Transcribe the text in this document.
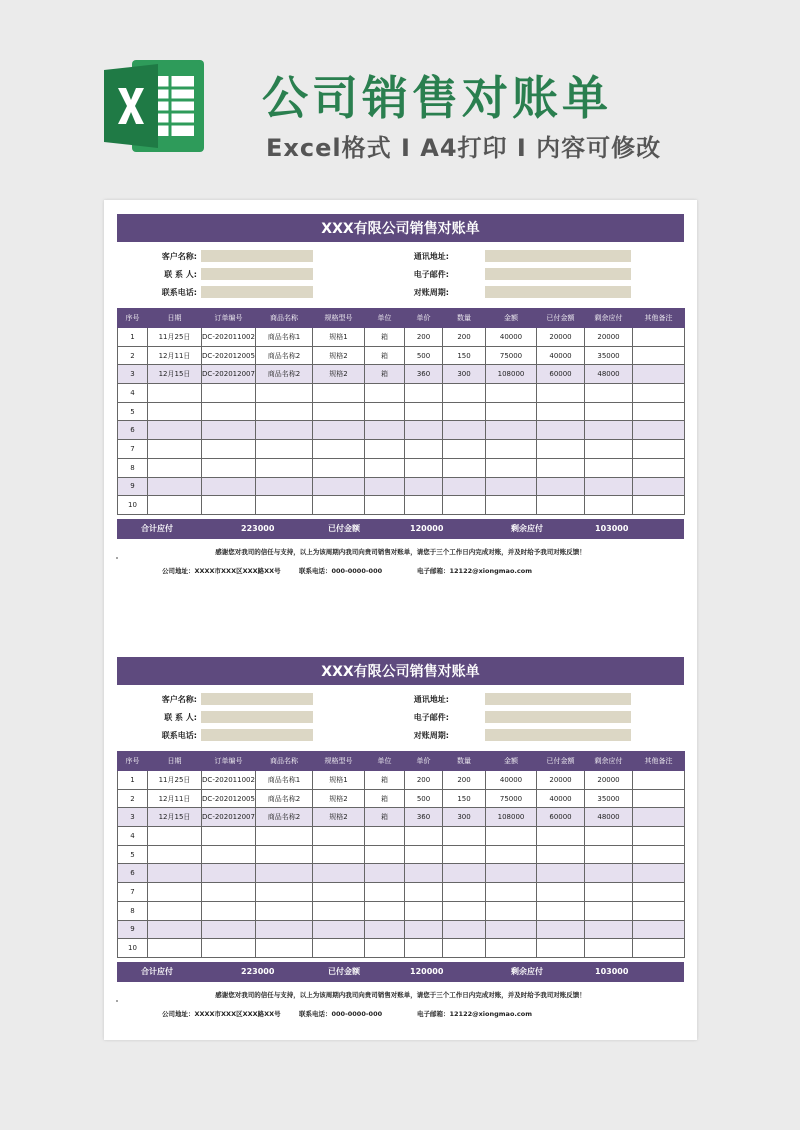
公司销售对账单
Excel格式 I A4打印 I 内容可修改
XXX有限公司销售对账单
客户名称:	通讯地址:
联 系 人:	电子邮件:
联系电话:	对账周期:
序号	日期	订单编号	商品名称	规格型号	单位	单价	数量	金额	已付金额	剩余应付	其他备注
1	11月25日	DC-202011002	商品名称1	规格1	箱	200	200	40000	20000	20000	
2	12月11日	DC-202012005	商品名称2	规格2	箱	500	150	75000	40000	35000	
3	12月15日	DC-202012007	商品名称2	规格2	箱	360	300	108000	60000	48000	
4											
5											
6											
7											
8											
9											
10											
合计应付	223000	已付金额	120000	剩余应付	103000
感谢您对我司的信任与支持，以上为该周期内我司向贵司销售对账单，请您于三个工作日内完成对账，并及时给予我司对账反馈！
公司地址：XXXX市XXX区XXX路XX号	联系电话：000-0000-000	电子邮箱：12122@xiongmao.com
XXX有限公司销售对账单
客户名称:	通讯地址:
联 系 人:	电子邮件:
联系电话:	对账周期:
序号	日期	订单编号	商品名称	规格型号	单位	单价	数量	金额	已付金额	剩余应付	其他备注
1	11月25日	DC-202011002	商品名称1	规格1	箱	200	200	40000	20000	20000	
2	12月11日	DC-202012005	商品名称2	规格2	箱	500	150	75000	40000	35000	
3	12月15日	DC-202012007	商品名称2	规格2	箱	360	300	108000	60000	48000	
4											
5											
6											
7											
8											
9											
10											
合计应付	223000	已付金额	120000	剩余应付	103000
感谢您对我司的信任与支持，以上为该周期内我司向贵司销售对账单，请您于三个工作日内完成对账，并及时给予我司对账反馈！
公司地址：XXXX市XXX区XXX路XX号	联系电话：000-0000-000	电子邮箱：12122@xiongmao.com
